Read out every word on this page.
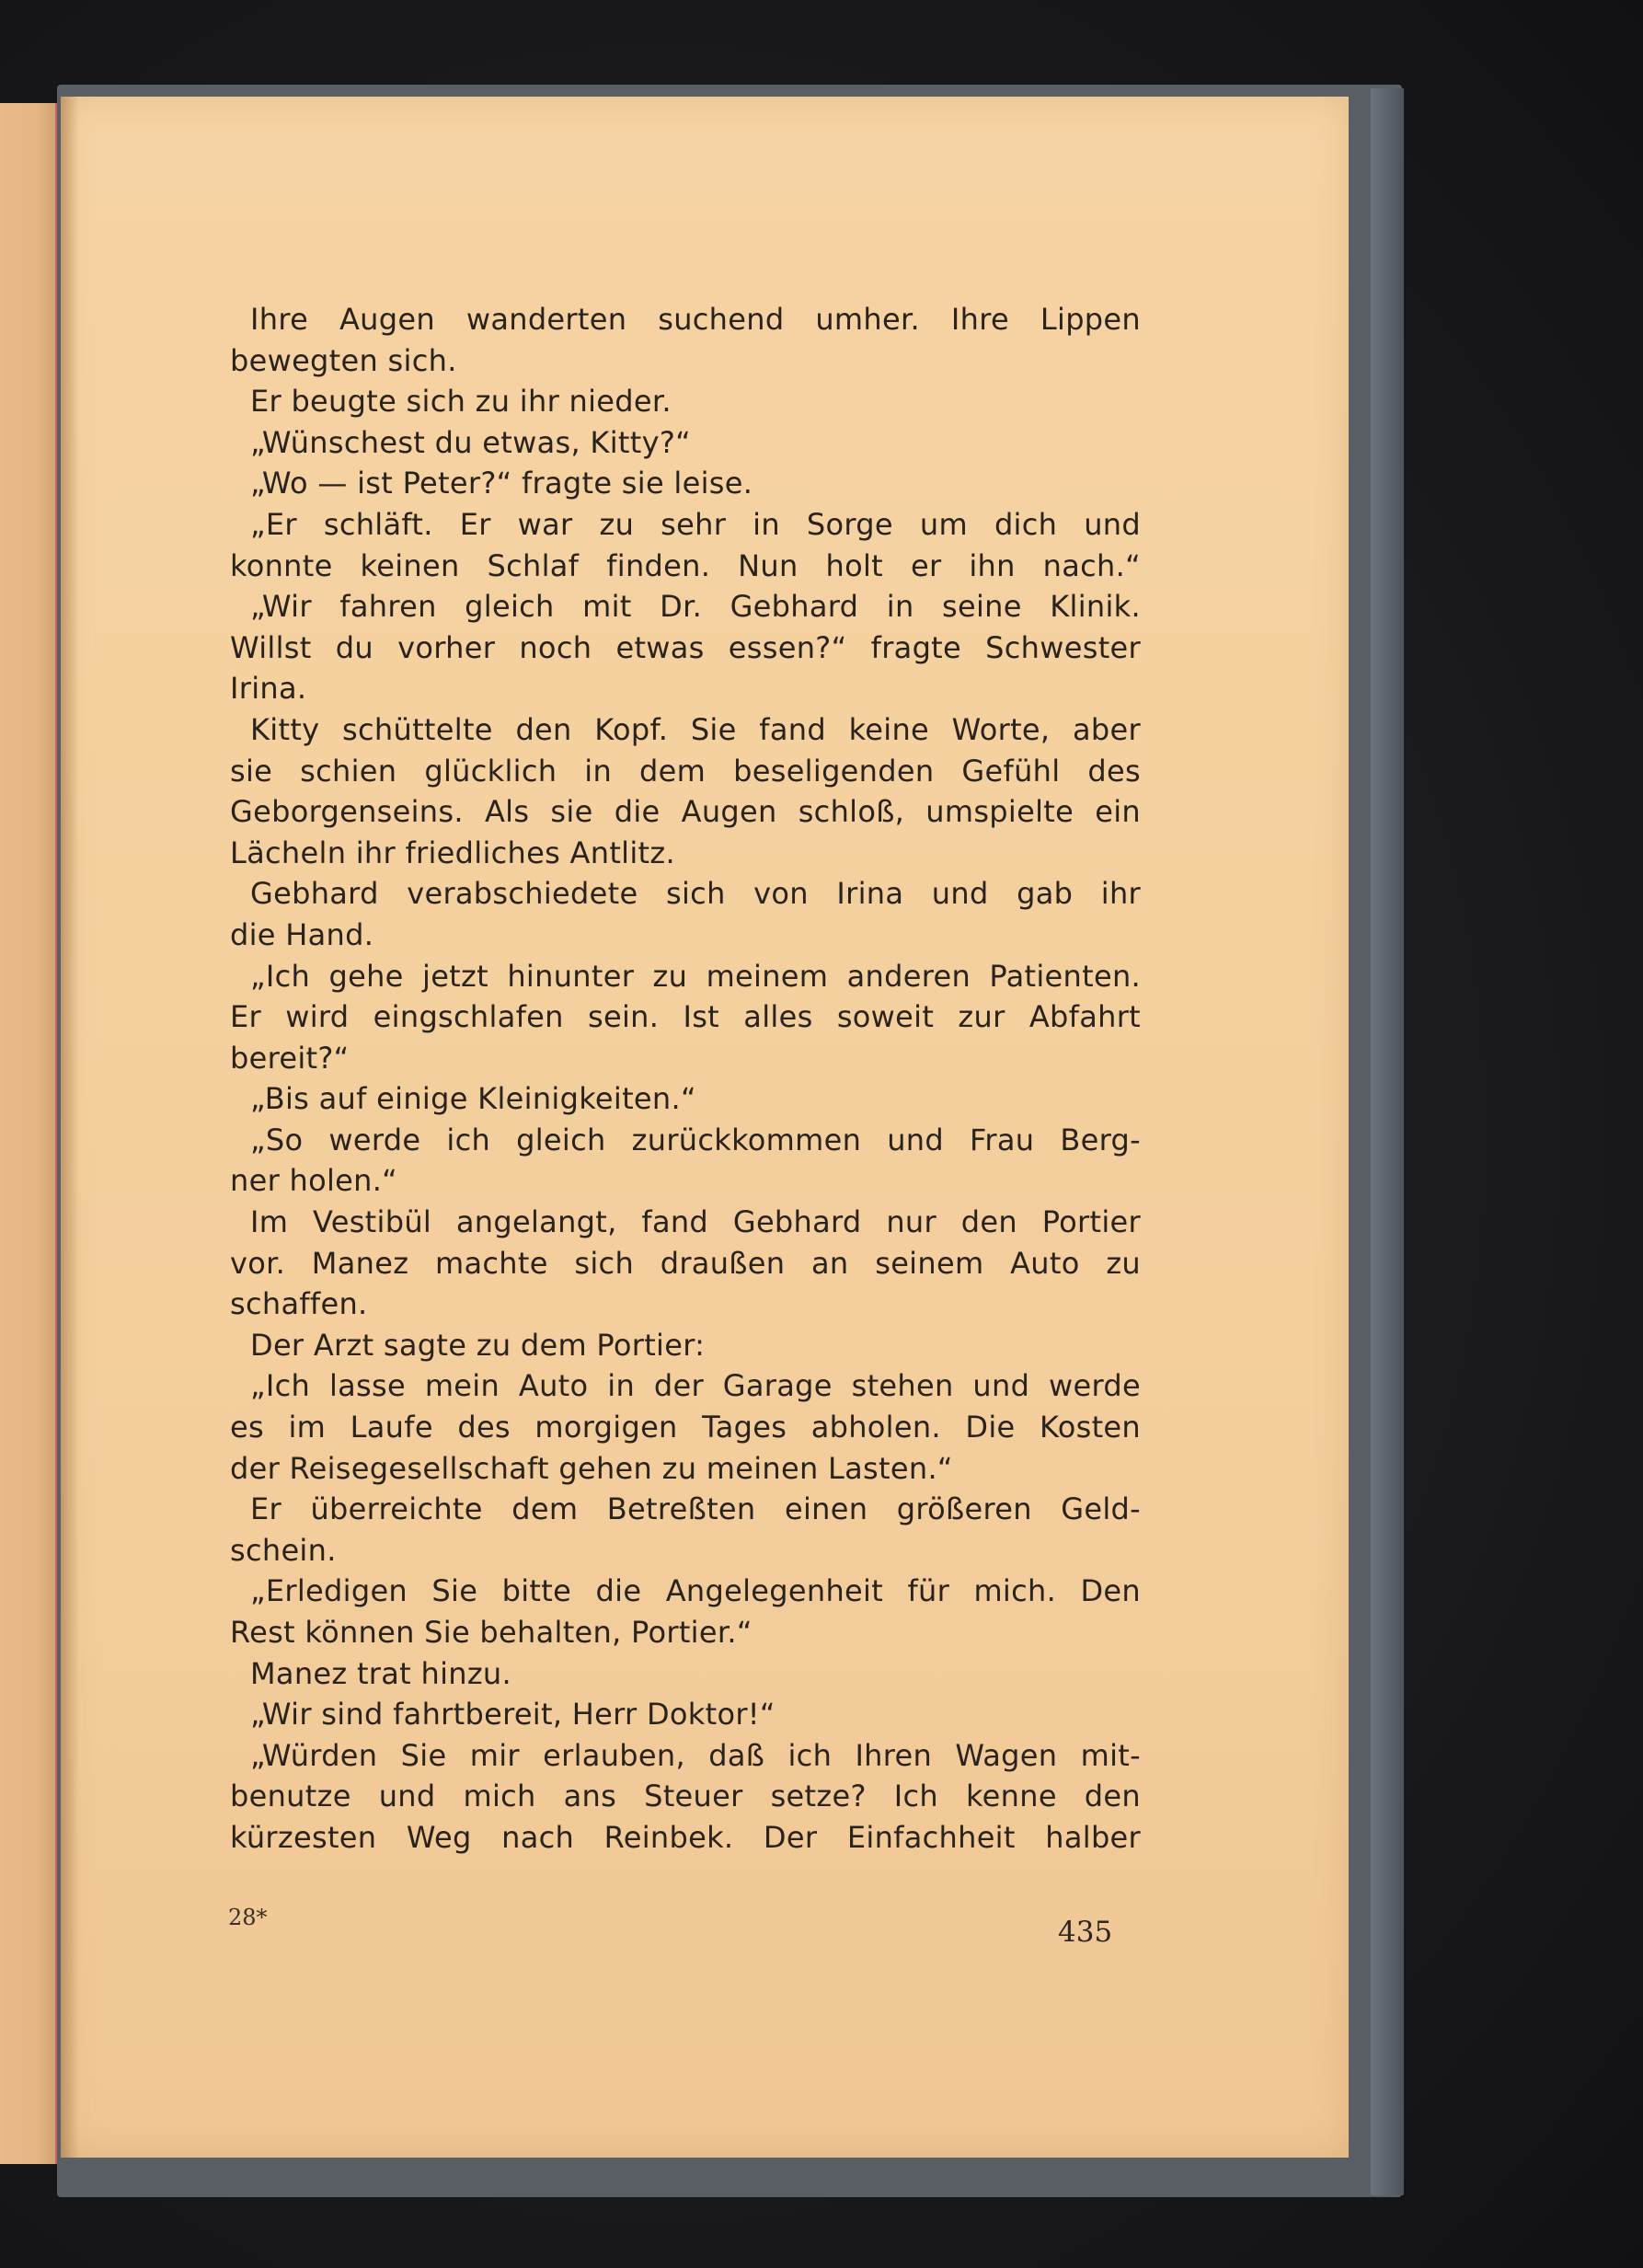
Ihre Augen wanderten suchend umher. Ihre Lippen
bewegten sich.
Er beugte sich zu ihr nieder.
„Wünschest du etwas, Kitty?“
„Wo — ist Peter?“ fragte sie leise.
„Er schläft. Er war zu sehr in Sorge um dich und
konnte keinen Schlaf finden. Nun holt er ihn nach.“
„Wir fahren gleich mit Dr. Gebhard in seine Klinik.
Willst du vorher noch etwas essen?“ fragte Schwester
Irina.
Kitty schüttelte den Kopf. Sie fand keine Worte, aber
sie schien glücklich in dem beseligenden Gefühl des
Geborgenseins. Als sie die Augen schloß, umspielte ein
Lächeln ihr friedliches Antlitz.
Gebhard verabschiedete sich von Irina und gab ihr
die Hand.
„Ich gehe jetzt hinunter zu meinem anderen Patienten.
Er wird eingschlafen sein. Ist alles soweit zur Abfahrt
bereit?“
„Bis auf einige Kleinigkeiten.“
„So werde ich gleich zurückkommen und Frau Berg-
ner holen.“
Im Vestibül angelangt, fand Gebhard nur den Portier
vor. Manez machte sich draußen an seinem Auto zu
schaffen.
Der Arzt sagte zu dem Portier:
„Ich lasse mein Auto in der Garage stehen und werde
es im Laufe des morgigen Tages abholen. Die Kosten
der Reisegesellschaft gehen zu meinen Lasten.“
Er überreichte dem Betreßten einen größeren Geld-
schein.
„Erledigen Sie bitte die Angelegenheit für mich. Den
Rest können Sie behalten, Portier.“
Manez trat hinzu.
„Wir sind fahrtbereit, Herr Doktor!“
„Würden Sie mir erlauben, daß ich Ihren Wagen mit-
benutze und mich ans Steuer setze? Ich kenne den
kürzesten Weg nach Reinbek. Der Einfachheit halber
28*	435
